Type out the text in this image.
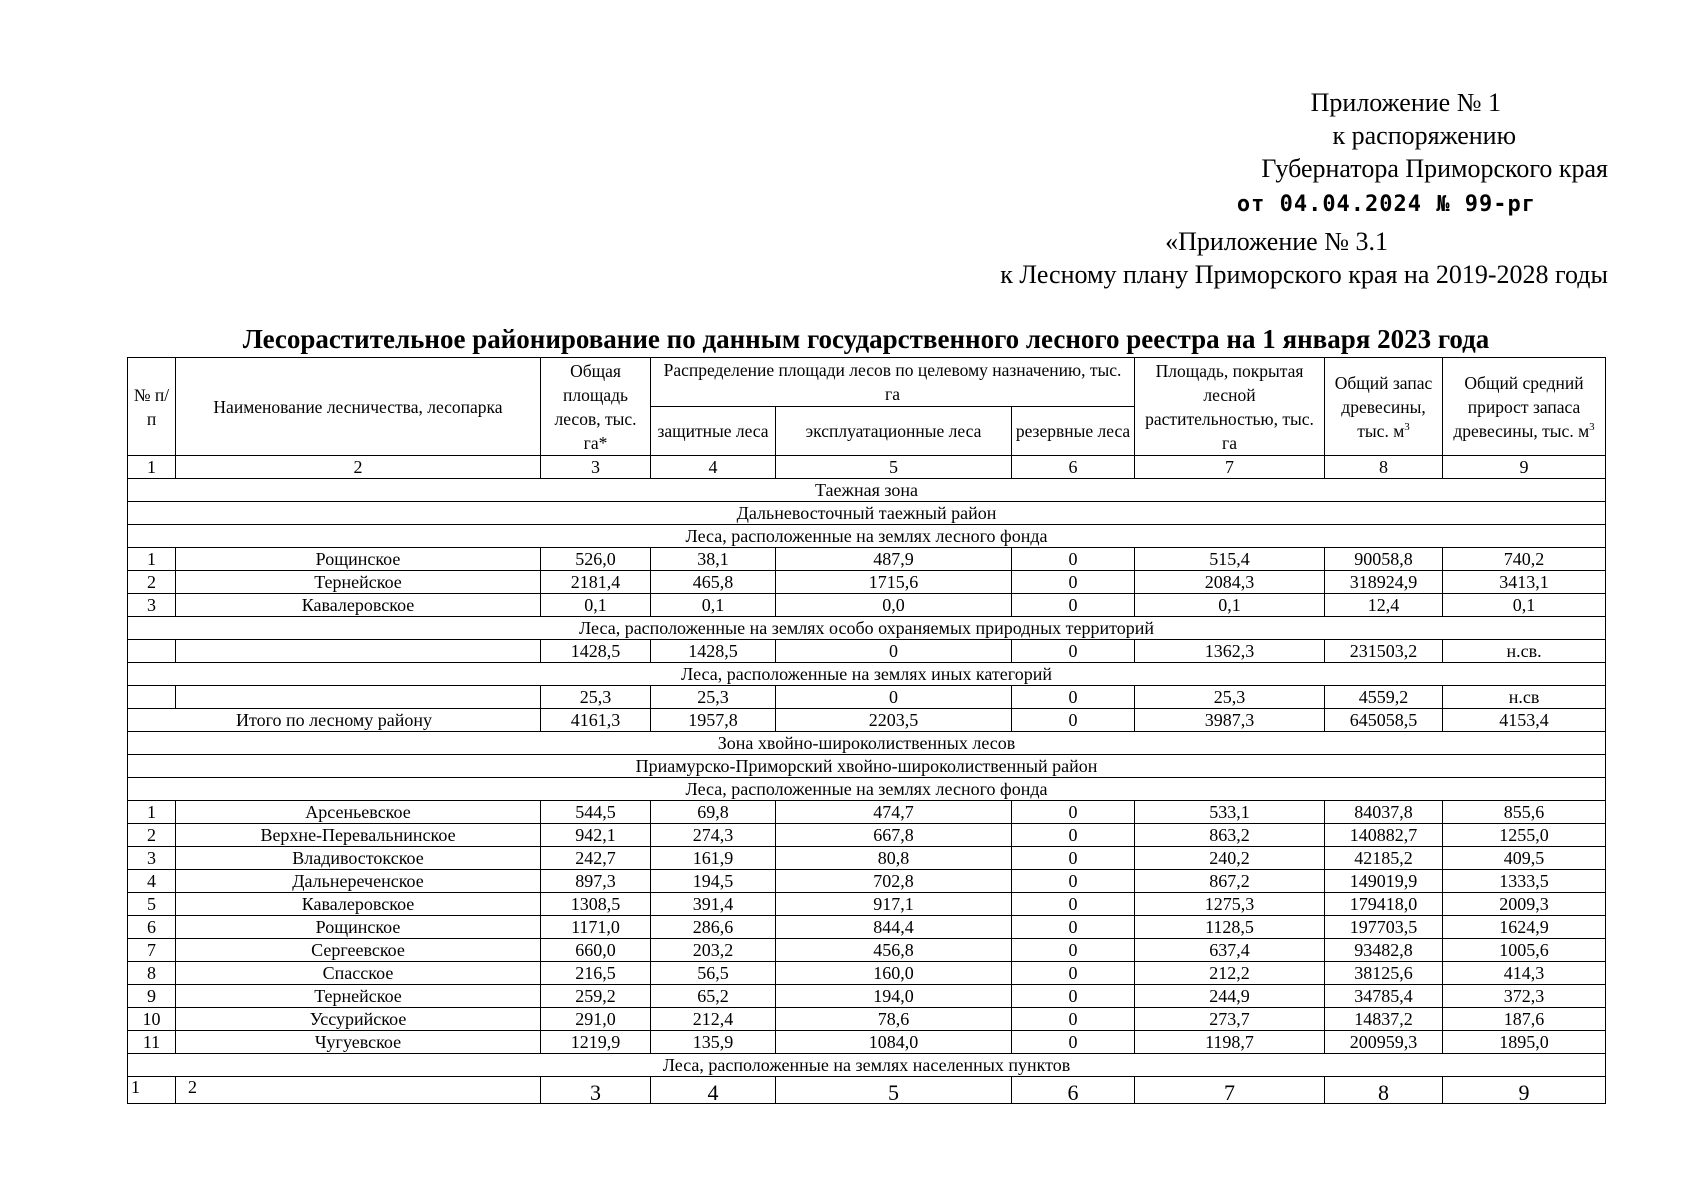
Приложение № 1
к распоряжению
Губернатора Приморского края
от 04.04.2024 № 99-рг
«Приложение № 3.1
к Лесному плану Приморского края на 2019-2028 годы
Лесорастительное районирование по данным государственного лесного реестра на 1 января 2023 года
№ п/п	Наименование лесничества, лесопарка	Общая площадь лесов, тыс. га*	Распределение площади лесов по целевому назначению, тыс. га			Площадь, покрытая лесной растительностью, тыс. га	Общий запас древесины, тыс. $м^3$	Общий средний прирост запаса древесины, тыс. $м^3$
			защитные леса	эксплуатационные леса	резервные леса			
1	2	3	4	5	6	7	8	9
Таежная зона								
Дальневосточный таежный район								
Леса, расположенные на землях лесного фонда								
1	Рощинское	526,0	38,1	487,9	0	515,4	90058,8	740,2
2	Тернейское	2181,4	465,8	1715,6	0	2084,3	318924,9	3413,1
3	Кавалеровское	0,1	0,1	0,0	0	0,1	12,4	0,1
Леса, расположенные на землях особо охраняемых природных территорий								
		1428,5	1428,5	0	0	1362,3	231503,2	н.св.
Леса, расположенные на землях иных категорий								
		25,3	25,3	0	0	25,3	4559,2	н.св
Итого по лесному району		4161,3	1957,8	2203,5	0	3987,3	645058,5	4153,4
Зона хвойно-широколиственных лесов								
Приамурско-Приморский хвойно-широколиственный район								
Леса, расположенные на землях лесного фонда								
1	Арсеньевское	544,5	69,8	474,7	0	533,1	84037,8	855,6
2	Верхне-Перевальнинское	942,1	274,3	667,8	0	863,2	140882,7	1255,0
3	Владивостокское	242,7	161,9	80,8	0	240,2	42185,2	409,5
4	Дальнереченское	897,3	194,5	702,8	0	867,2	149019,9	1333,5
5	Кавалеровское	1308,5	391,4	917,1	0	1275,3	179418,0	2009,3
6	Рощинское	1171,0	286,6	844,4	0	1128,5	197703,5	1624,9
7	Сергеевское	660,0	203,2	456,8	0	637,4	93482,8	1005,6
8	Спасское	216,5	56,5	160,0	0	212,2	38125,6	414,3
9	Тернейское	259,2	65,2	194,0	0	244,9	34785,4	372,3
10	Уссурийское	291,0	212,4	78,6	0	273,7	14837,2	187,6
11	Чугуевское	1219,9	135,9	1084,0	0	1198,7	200959,3	1895,0
Леса, расположенные на землях населенных пунктов								
1	2	3	4	5	6	7	8	9
